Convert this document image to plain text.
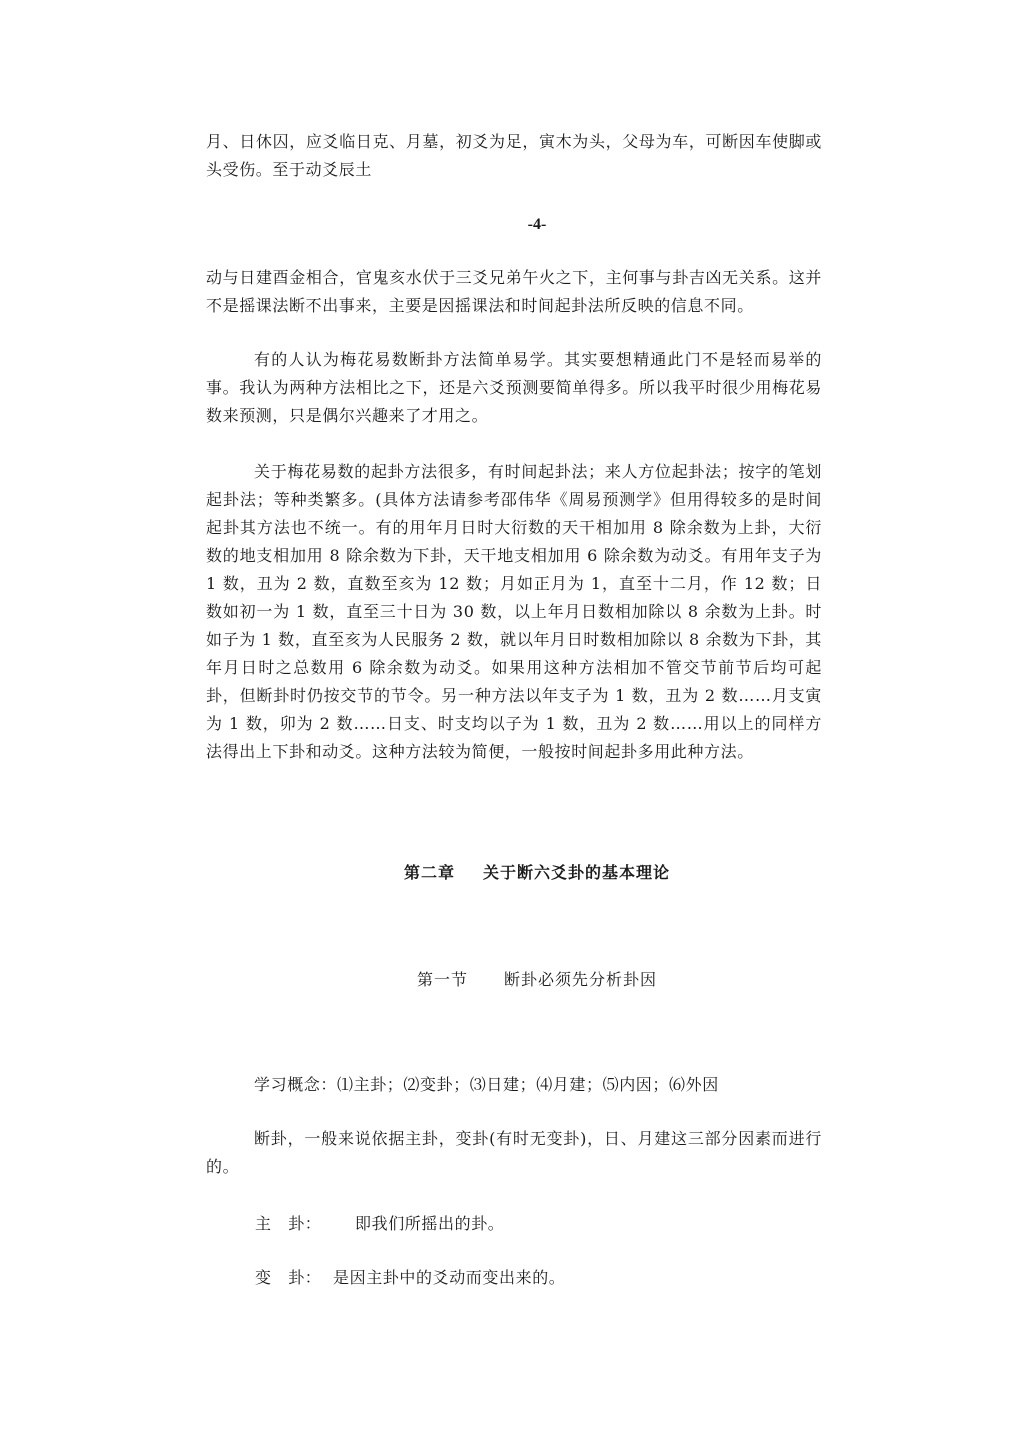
月、日休囚，应爻临日克、月墓，初爻为足，寅木为头，父母为车，可断因车使脚或头受伤。至于动爻辰土

-4-

动与日建酉金相合，官鬼亥水伏于三爻兄弟午火之下，主何事与卦吉凶无关系。这并不是摇课法断不出事来，主要是因摇课法和时间起卦法所反映的信息不同。

有的人认为梅花易数断卦方法简单易学。其实要想精通此门不是轻而易举的事。我认为两种方法相比之下，还是六爻预测要简单得多。所以我平时很少用梅花易数来预测，只是偶尔兴趣来了才用之。

关于梅花易数的起卦方法很多，有时间起卦法；来人方位起卦法；按字的笔划起卦法；等种类繁多。(具体方法请参考邵伟华《周易预测学》但用得较多的是时间起卦其方法也不统一。有的用年月日时大衍数的天干相加用 8 除余数为上卦，大衍数的地支相加用 8 除余数为下卦，天干地支相加用 6 除余数为动爻。有用年支子为 1 数，丑为 2 数，直数至亥为 12 数；月如正月为 1，直至十二月，作 12 数；日数如初一为 1 数，直至三十日为 30 数，以上年月日数相加除以 8 余数为上卦。时如子为 1 数，直至亥为人民服务 2 数，就以年月日时数相加除以 8 余数为下卦，其年月日时之总数用 6 除余数为动爻。如果用这种方法相加不管交节前节后均可起卦，但断卦时仍按交节的节令。另一种方法以年支子为 1 数，丑为 2 数……月支寅为 1 数，卯为 2 数……日支、时支均以子为 1 数，丑为 2 数……用以上的同样方法得出上下卦和动爻。这种方法较为简便，一般按时间起卦多用此种方法。

第二章 关于断六爻卦的基本理论
第一节 断卦必须先分析卦因

学习概念：⑴主卦；⑵变卦；⑶日建；⑷月建；⑸内因；⑹外因

断卦，一般来说依据主卦，变卦(有时无变卦)，日、月建这三部分因素而进行的。

主　卦： 即我们所摇出的卦。
变　卦： 是因主卦中的爻动而变出来的。
